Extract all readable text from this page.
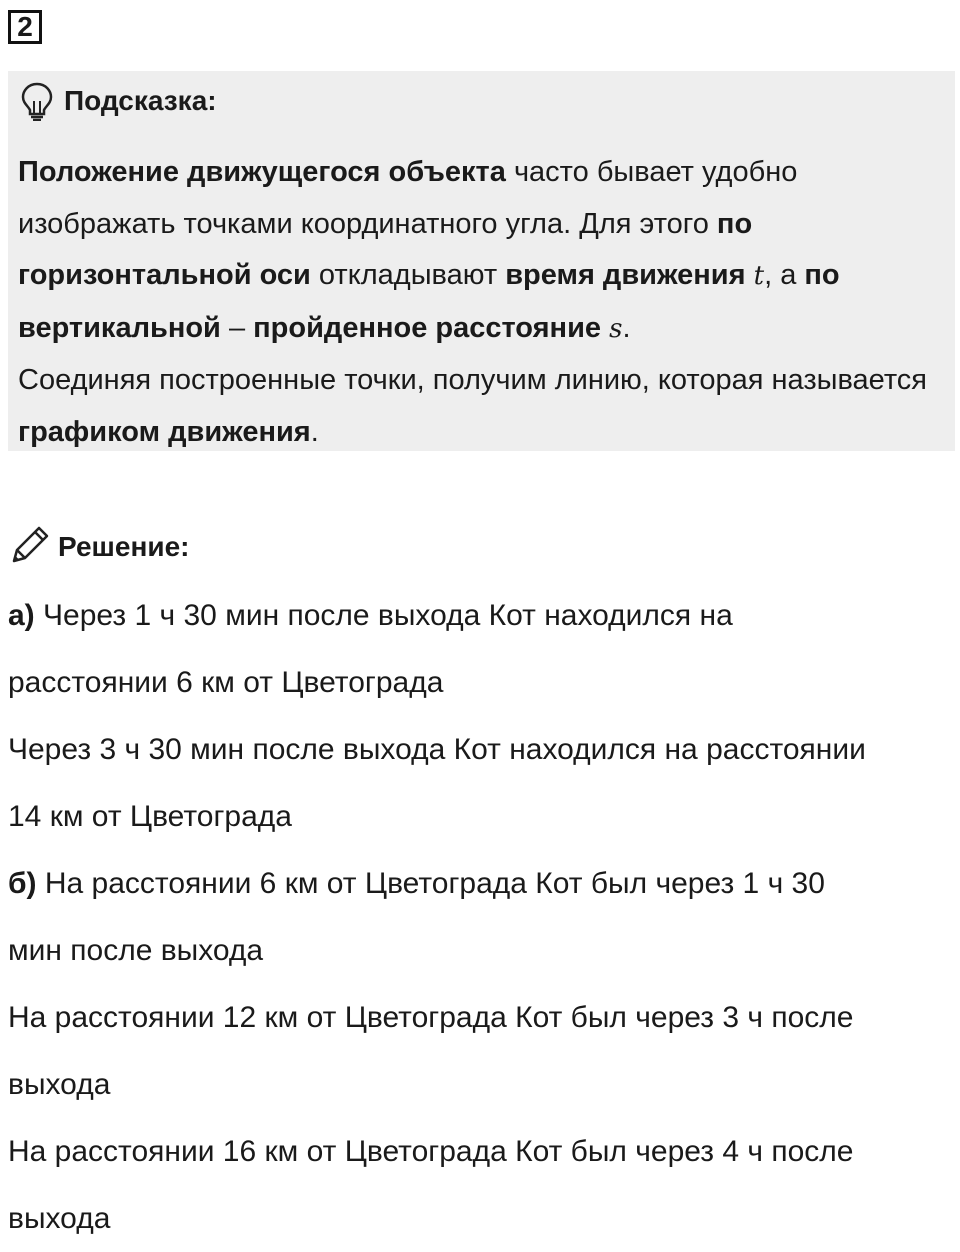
2
Подсказка:
Положение движущегося объекта часто бывает удобно изображать точками координатного угла. Для этого по горизонтальной оси откладывают время движения t, а по вертикальной – пройденное расстояние s.
Соединяя построенные точки, получим линию, которая называется графиком движения.
Решение:
а) Через 1 ч 30 мин после выхода Кот находился на
расстоянии 6 км от Цветограда
Через 3 ч 30 мин после выхода Кот находился на расстоянии
14 км от Цветограда
б) На расстоянии 6 км от Цветограда Кот был через 1 ч 30
мин после выхода
На расстоянии 12 км от Цветограда Кот был через 3 ч после
выхода
На расстоянии 16 км от Цветограда Кот был через 4 ч после
выхода
